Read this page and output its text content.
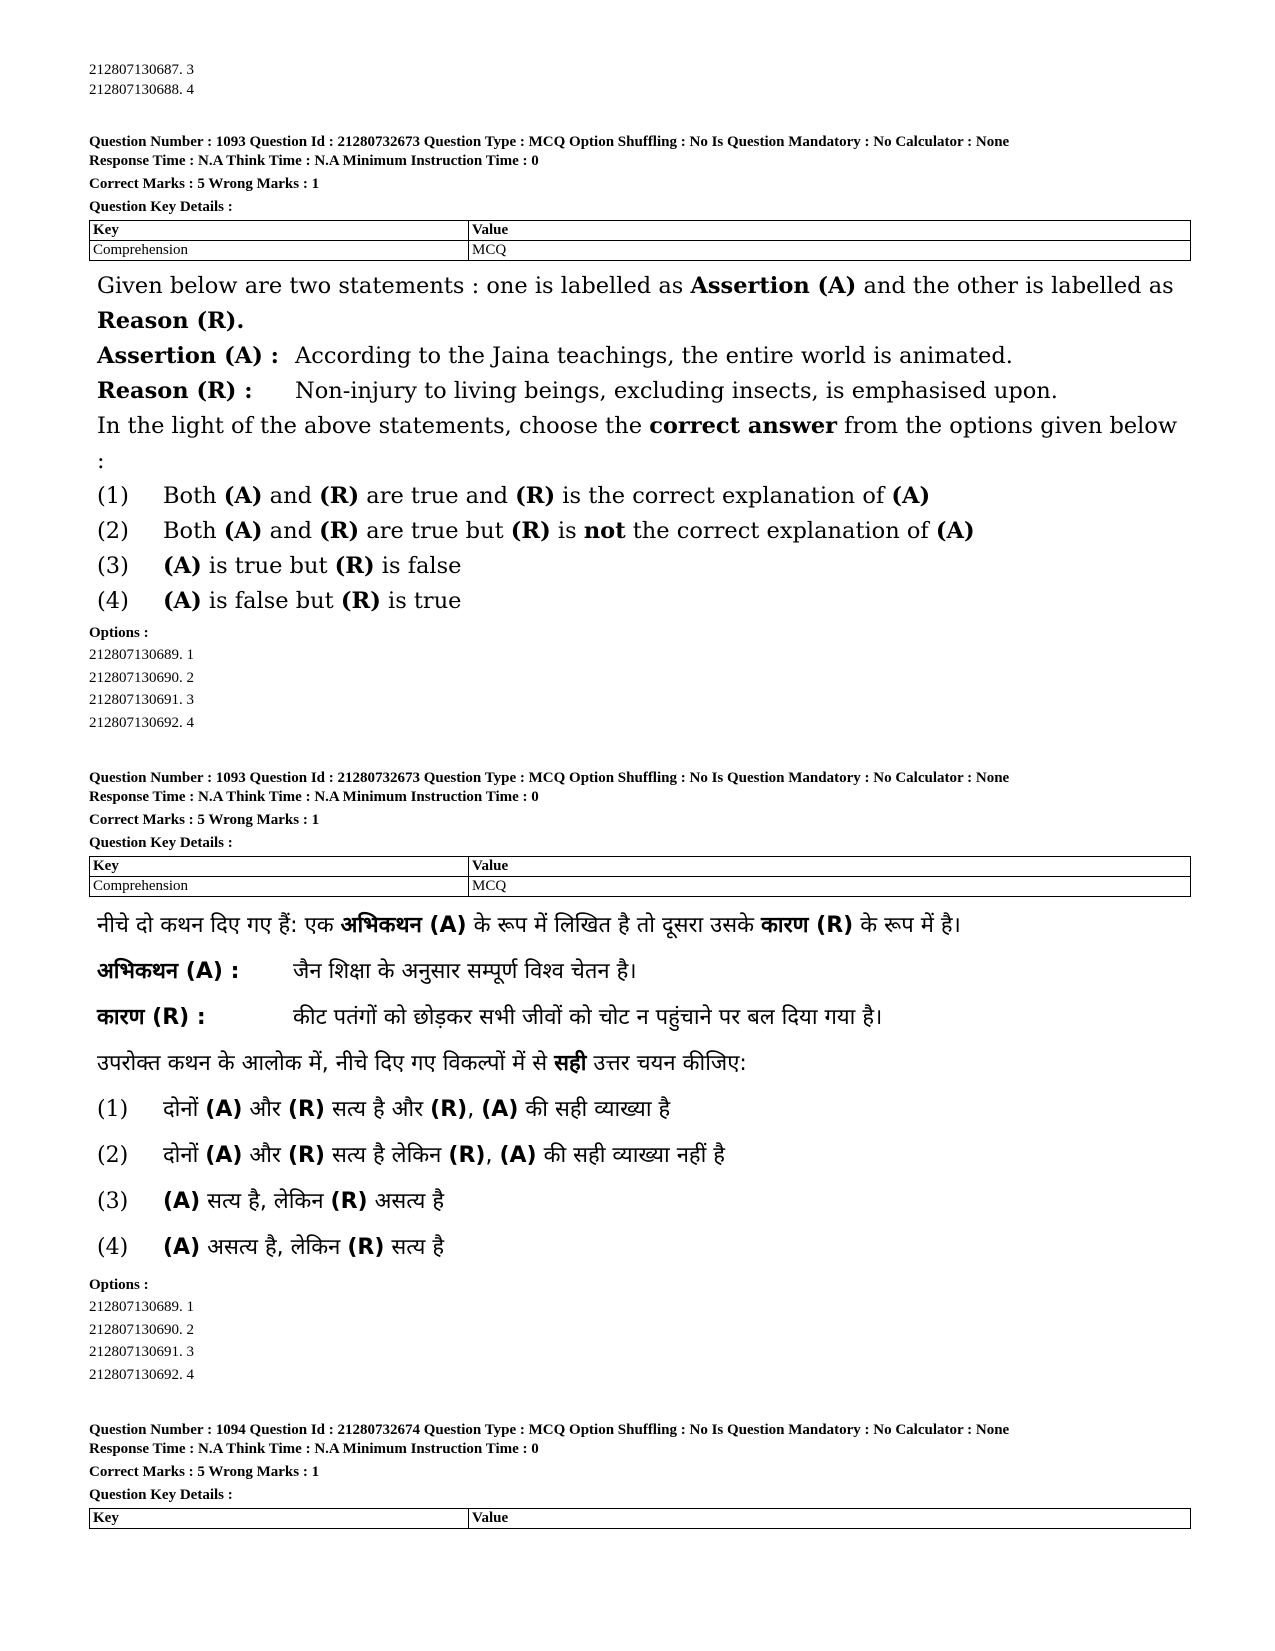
212807130687. 3
212807130688. 4
Question Number : 1093 Question Id : 21280732673 Question Type : MCQ Option Shuffling : No Is Question Mandatory : No Calculator : None
Response Time : N.A Think Time : N.A Minimum Instruction Time : 0
Correct Marks : 5 Wrong Marks : 1
Question Key Details :
Key	Value
Comprehension	MCQ
Given below are two statements : one is labelled as Assertion (A) and the other is labelled as Reason (R).
Assertion (A) : According to the Jaina teachings, the entire world is animated.
Reason (R) :	Non-injury to living beings, excluding insects, is emphasised upon.
In the light of the above statements, choose the correct answer from the options given below :
(1)	Both (A) and (R) are true and (R) is the correct explanation of (A)
(2)	Both (A) and (R) are true but (R) is not the correct explanation of (A)
(3)	(A) is true but (R) is false
(4)	(A) is false but (R) is true
Options :
212807130689. 1
212807130690. 2
212807130691. 3
212807130692. 4
Question Number : 1093 Question Id : 21280732673 Question Type : MCQ Option Shuffling : No Is Question Mandatory : No Calculator : None
Response Time : N.A Think Time : N.A Minimum Instruction Time : 0
Correct Marks : 5 Wrong Marks : 1
Question Key Details :
Key	Value
Comprehension	MCQ
नीचे दो कथन दिए गए हैं: एक अभिकथन (A) के रूप में लिखित है तो दूसरा उसके कारण (R) के रूप में है।
अभिकथन (A) :	जैन शिक्षा के अनुसार सम्पूर्ण विश्व चेतन है।
कारण (R) :	कीट पतंगों को छोड़कर सभी जीवों को चोट न पहुंचाने पर बल दिया गया है।
उपरोक्त कथन के आलोक में, नीचे दिए गए विकल्पों में से सही उत्तर चयन कीजिए:
(1)	दोनों (A) और (R) सत्य है और (R), (A) की सही व्याख्या है
(2)	दोनों (A) और (R) सत्य है लेकिन (R), (A) की सही व्याख्या नहीं है
(3)	(A) सत्य है, लेकिन (R) असत्य है
(4)	(A) असत्य है, लेकिन (R) सत्य है
Options :
212807130689. 1
212807130690. 2
212807130691. 3
212807130692. 4
Question Number : 1094 Question Id : 21280732674 Question Type : MCQ Option Shuffling : No Is Question Mandatory : No Calculator : None
Response Time : N.A Think Time : N.A Minimum Instruction Time : 0
Correct Marks : 5 Wrong Marks : 1
Question Key Details :
Key	Value
